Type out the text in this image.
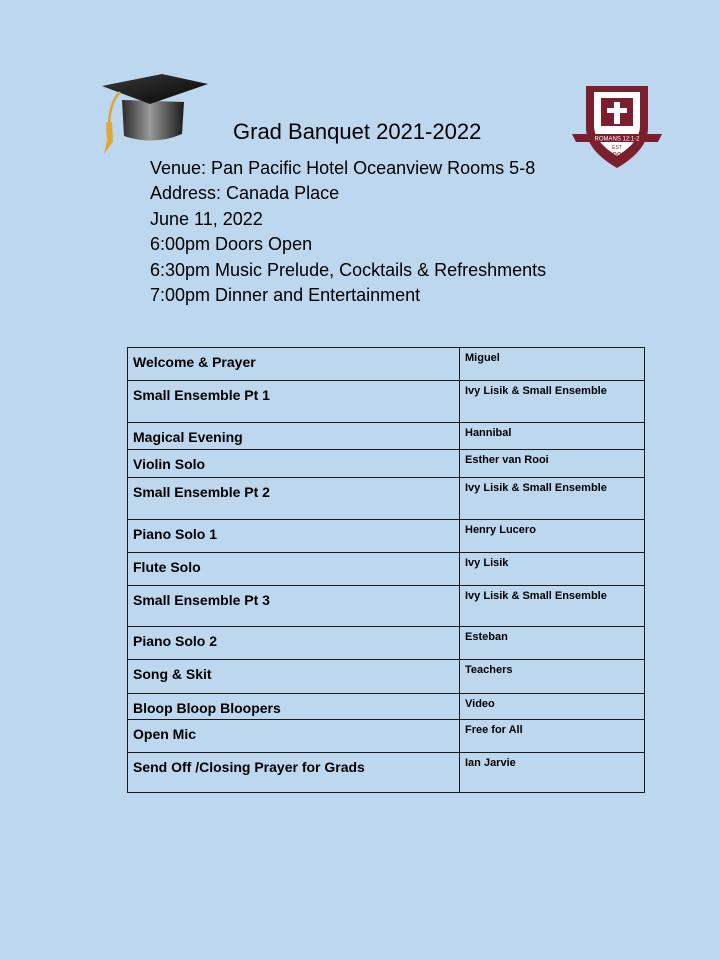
ROMANS 12:1-2
EST
1992
Grad Banquet 2021-2022
Venue: Pan Pacific Hotel Oceanview Rooms 5-8
Address: Canada Place
June 11, 2022
6:00pm Doors Open
6:30pm Music Prelude, Cocktails & Refreshments
7:00pm Dinner and Entertainment
Welcome & Prayer	Miguel
Small Ensemble Pt 1	Ivy Lisik & Small Ensemble
Magical Evening	Hannibal
Violin Solo	Esther van Rooi
Small Ensemble Pt 2	Ivy Lisik & Small Ensemble
Piano Solo 1	Henry Lucero
Flute Solo	Ivy Lisik
Small Ensemble Pt 3	Ivy Lisik & Small Ensemble
Piano Solo 2	Esteban
Song & Skit	Teachers
Bloop Bloop Bloopers	Video
Open Mic	Free for All
Send Off /Closing Prayer for Grads	Ian Jarvie
